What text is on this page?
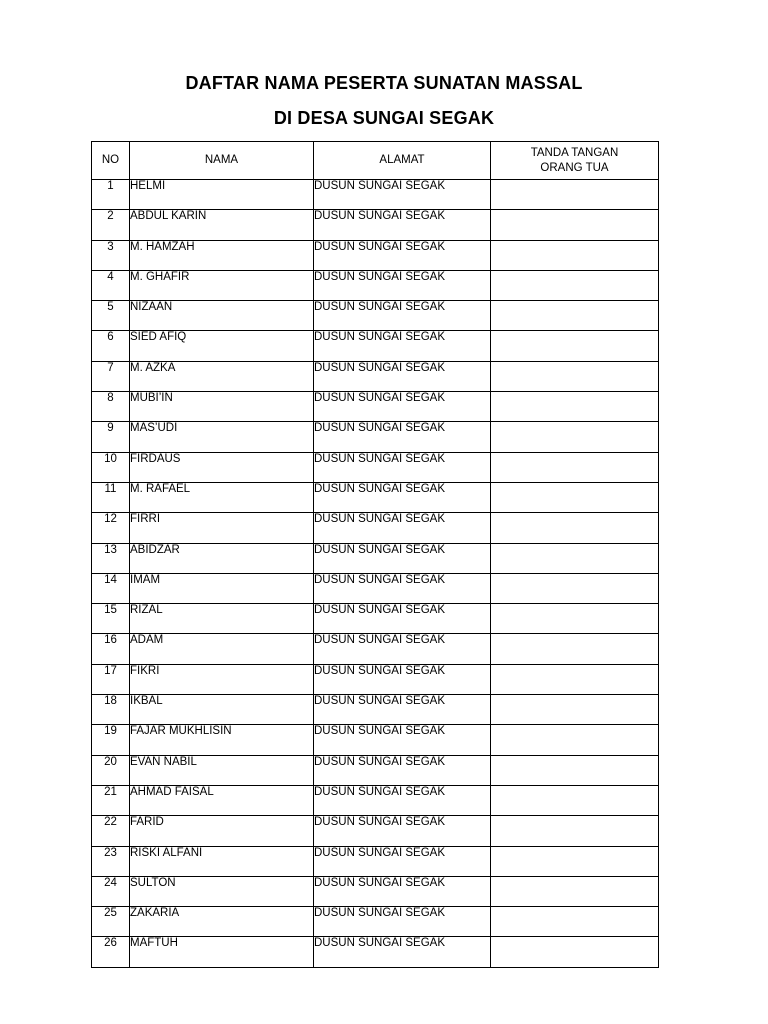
DAFTAR NAMA PESERTA SUNATAN MASSAL
DI DESA SUNGAI SEGAK
NO	NAMA	ALAMAT	TANDA TANGAN
ORANG TUA

1	HELMI	DUSUN SUNGAI SEGAK	
2	ABDUL KARIN	DUSUN SUNGAI SEGAK	
3	M. HAMZAH	DUSUN SUNGAI SEGAK	
4	M. GHAFIR	DUSUN SUNGAI SEGAK	
5	NIZAAN	DUSUN SUNGAI SEGAK	
6	SIED AFIQ	DUSUN SUNGAI SEGAK	
7	M. AZKA	DUSUN SUNGAI SEGAK	
8	MUBI’IN	DUSUN SUNGAI SEGAK	
9	MAS’UDI	DUSUN SUNGAI SEGAK	
10	FIRDAUS	DUSUN SUNGAI SEGAK	
11	M. RAFAEL	DUSUN SUNGAI SEGAK	
12	FIRRI	DUSUN SUNGAI SEGAK	
13	ABIDZAR	DUSUN SUNGAI SEGAK	
14	IMAM	DUSUN SUNGAI SEGAK	
15	RIZAL	DUSUN SUNGAI SEGAK	
16	ADAM	DUSUN SUNGAI SEGAK	
17	FIKRI	DUSUN SUNGAI SEGAK	
18	IKBAL	DUSUN SUNGAI SEGAK	
19	FAJAR MUKHLISIN	DUSUN SUNGAI SEGAK	
20	EVAN NABIL	DUSUN SUNGAI SEGAK	
21	AHMAD FAISAL	DUSUN SUNGAI SEGAK	
22	FARID	DUSUN SUNGAI SEGAK	
23	RISKI ALFANI	DUSUN SUNGAI SEGAK	
24	SULTON	DUSUN SUNGAI SEGAK	
25	ZAKARIA	DUSUN SUNGAI SEGAK	
26	MAFTUH	DUSUN SUNGAI SEGAK	
